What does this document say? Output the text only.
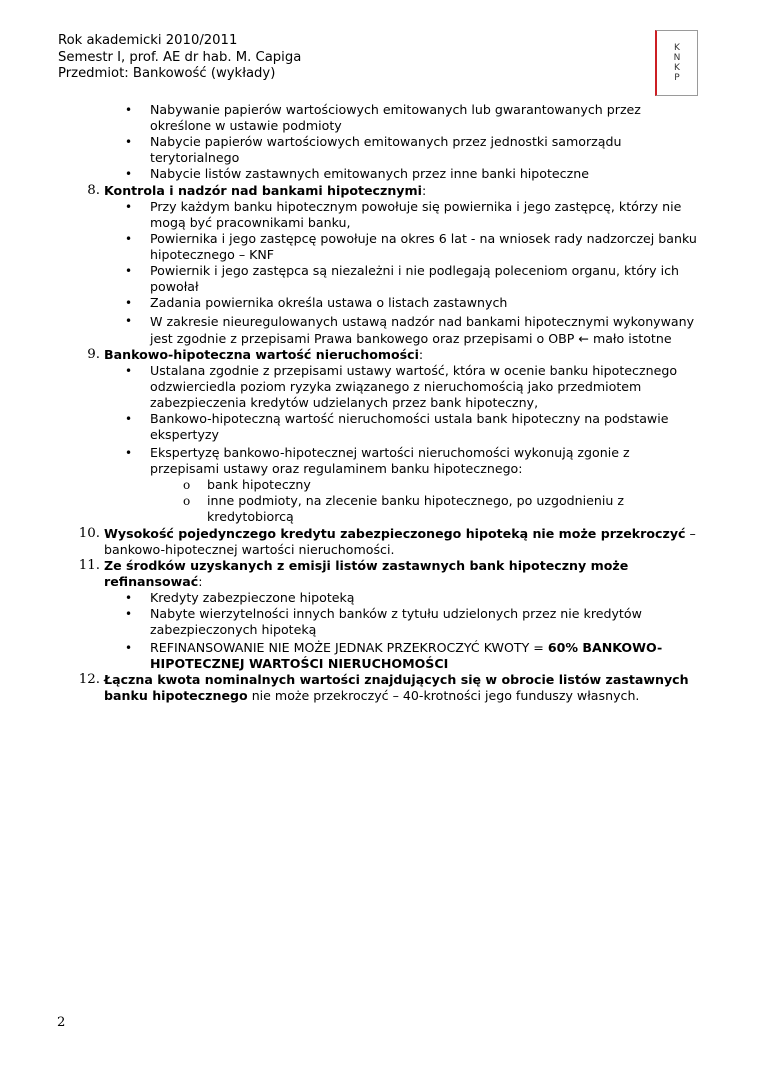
Rok akademicki 2010/2011
Semestr I, prof. AE dr hab. M. Capiga
Przedmiot: Bankowość (wykłady)
K
N
K
P
• Nabywanie papierów wartościowych emitowanych lub gwarantowanych przez określone w ustawie podmioty
• Nabycie papierów wartościowych emitowanych przez jednostki samorządu terytorialnego
• Nabycie listów zastawnych emitowanych przez inne banki hipoteczne
8. Kontrola i nadzór nad bankami hipotecznymi:
• Przy każdym banku hipotecznym powołuje się powiernika i jego zastępcę, którzy nie mogą być pracownikami banku,
• Powiernika i jego zastępcę powołuje na okres 6 lat - na wniosek rady nadzorczej banku hipotecznego – KNF
• Powiernik i jego zastępca są niezależni i nie podlegają poleceniom organu, który ich powołał
• Zadania powiernika określa ustawa o listach zastawnych
• W zakresie nieuregulowanych ustawą nadzór nad bankami hipotecznymi wykonywany jest zgodnie z przepisami Prawa bankowego oraz przepisami o OBP ← mało istotne
9. Bankowo-hipoteczna wartość nieruchomości:
• Ustalana zgodnie z przepisami ustawy wartość, która w ocenie banku hipotecznego odzwierciedla poziom ryzyka związanego z nieruchomością jako przedmiotem zabezpieczenia kredytów udzielanych przez bank hipoteczny,
• Bankowo-hipoteczną wartość nieruchomości ustala bank hipoteczny na podstawie ekspertyzy
• Ekspertyzę bankowo-hipotecznej wartości nieruchomości wykonują zgonie z przepisami ustawy oraz regulaminem banku hipotecznego:
o bank hipoteczny
o inne podmioty, na zlecenie banku hipotecznego, po uzgodnieniu z kredytobiorcą
10. Wysokość pojedynczego kredytu zabezpieczonego hipoteką nie może przekroczyć – bankowo-hipotecznej wartości nieruchomości.
11. Ze środków uzyskanych z emisji listów zastawnych bank hipoteczny może refinansować:
• Kredyty zabezpieczone hipoteką
• Nabyte wierzytelności innych banków z tytułu udzielonych przez nie kredytów zabezpieczonych hipoteką
• REFINANSOWANIE NIE MOŻE JEDNAK PRZEKROCZYĆ KWOTY = 60% BANKOWO-HIPOTECZNEJ WARTOŚCI NIERUCHOMOŚCI
12. Łączna kwota nominalnych wartości znajdujących się w obrocie listów zastawnych banku hipotecznego nie może przekroczyć – 40-krotności jego funduszy własnych.
2
